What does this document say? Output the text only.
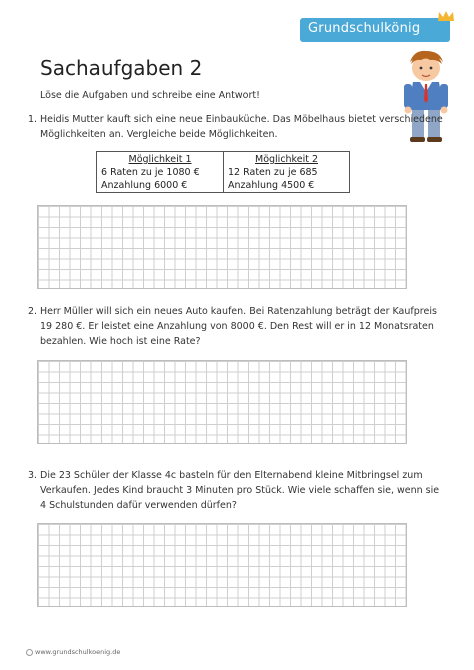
Grundschulkönig
Sachaufgaben 2
Löse die Aufgaben und schreibe eine Antwort!
1. Heidis Mutter kauft sich eine neue Einbauküche. Das Möbelhaus bietet verschiedene
Möglichkeiten an. Vergleiche beide Möglichkeiten.
Möglichkeit 1
6 Raten zu je 1080 €
Anzahlung 6000 €
Möglichkeit 2
12 Raten zu je 685
Anzahlung 4500 €
2. Herr Müller will sich ein neues Auto kaufen. Bei Ratenzahlung beträgt der Kaufpreis
19 280 €. Er leistet eine Anzahlung von 8000 €. Den Rest will er in 12 Monatsraten
bezahlen. Wie hoch ist eine Rate?
3. Die 23 Schüler der Klasse 4c basteln für den Elternabend kleine Mitbringsel zum
Verkaufen. Jedes Kind braucht 3 Minuten pro Stück. Wie viele schaffen sie, wenn sie
4 Schulstunden dafür verwenden dürfen?
www.grundschulkoenig.de
